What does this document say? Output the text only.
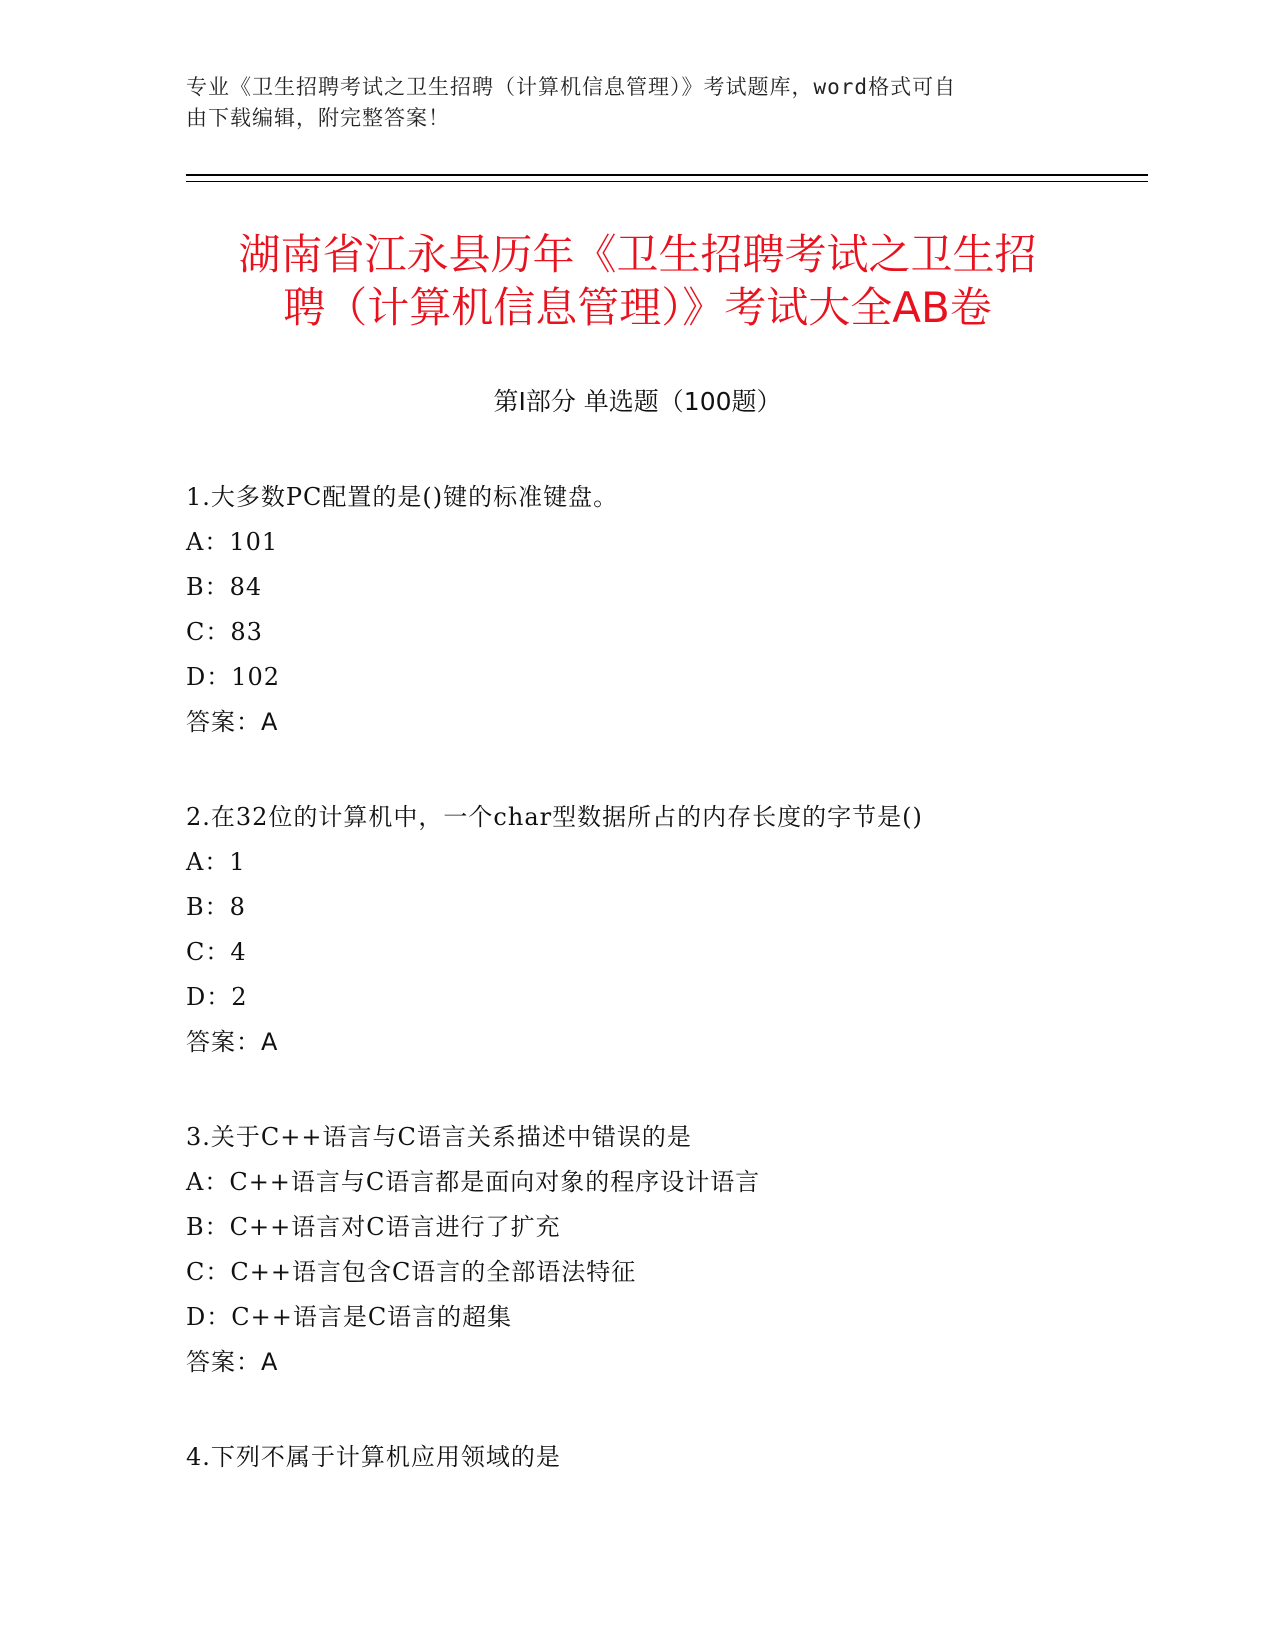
专业《卫生招聘考试之卫生招聘（计算机信息管理）》考试题库，word格式可自
由下载编辑，附完整答案！
湖南省江永县历年《卫生招聘考试之卫生招
聘（计算机信息管理）》考试大全AB卷
第Ⅰ部分 单选题（100题）
1.大多数PC配置的是()键的标准键盘。
A：101
B：84
C：83
D：102
答案：A
2.在32位的计算机中，一个char型数据所占的内存长度的字节是()
A：1
B：8
C：4
D：2
答案：A
3.关于C++语言与C语言关系描述中错误的是
A：C++语言与C语言都是面向对象的程序设计语言
B：C++语言对C语言进行了扩充
C：C++语言包含C语言的全部语法特征
D：C++语言是C语言的超集
答案：A
4.下列不属于计算机应用领域的是
